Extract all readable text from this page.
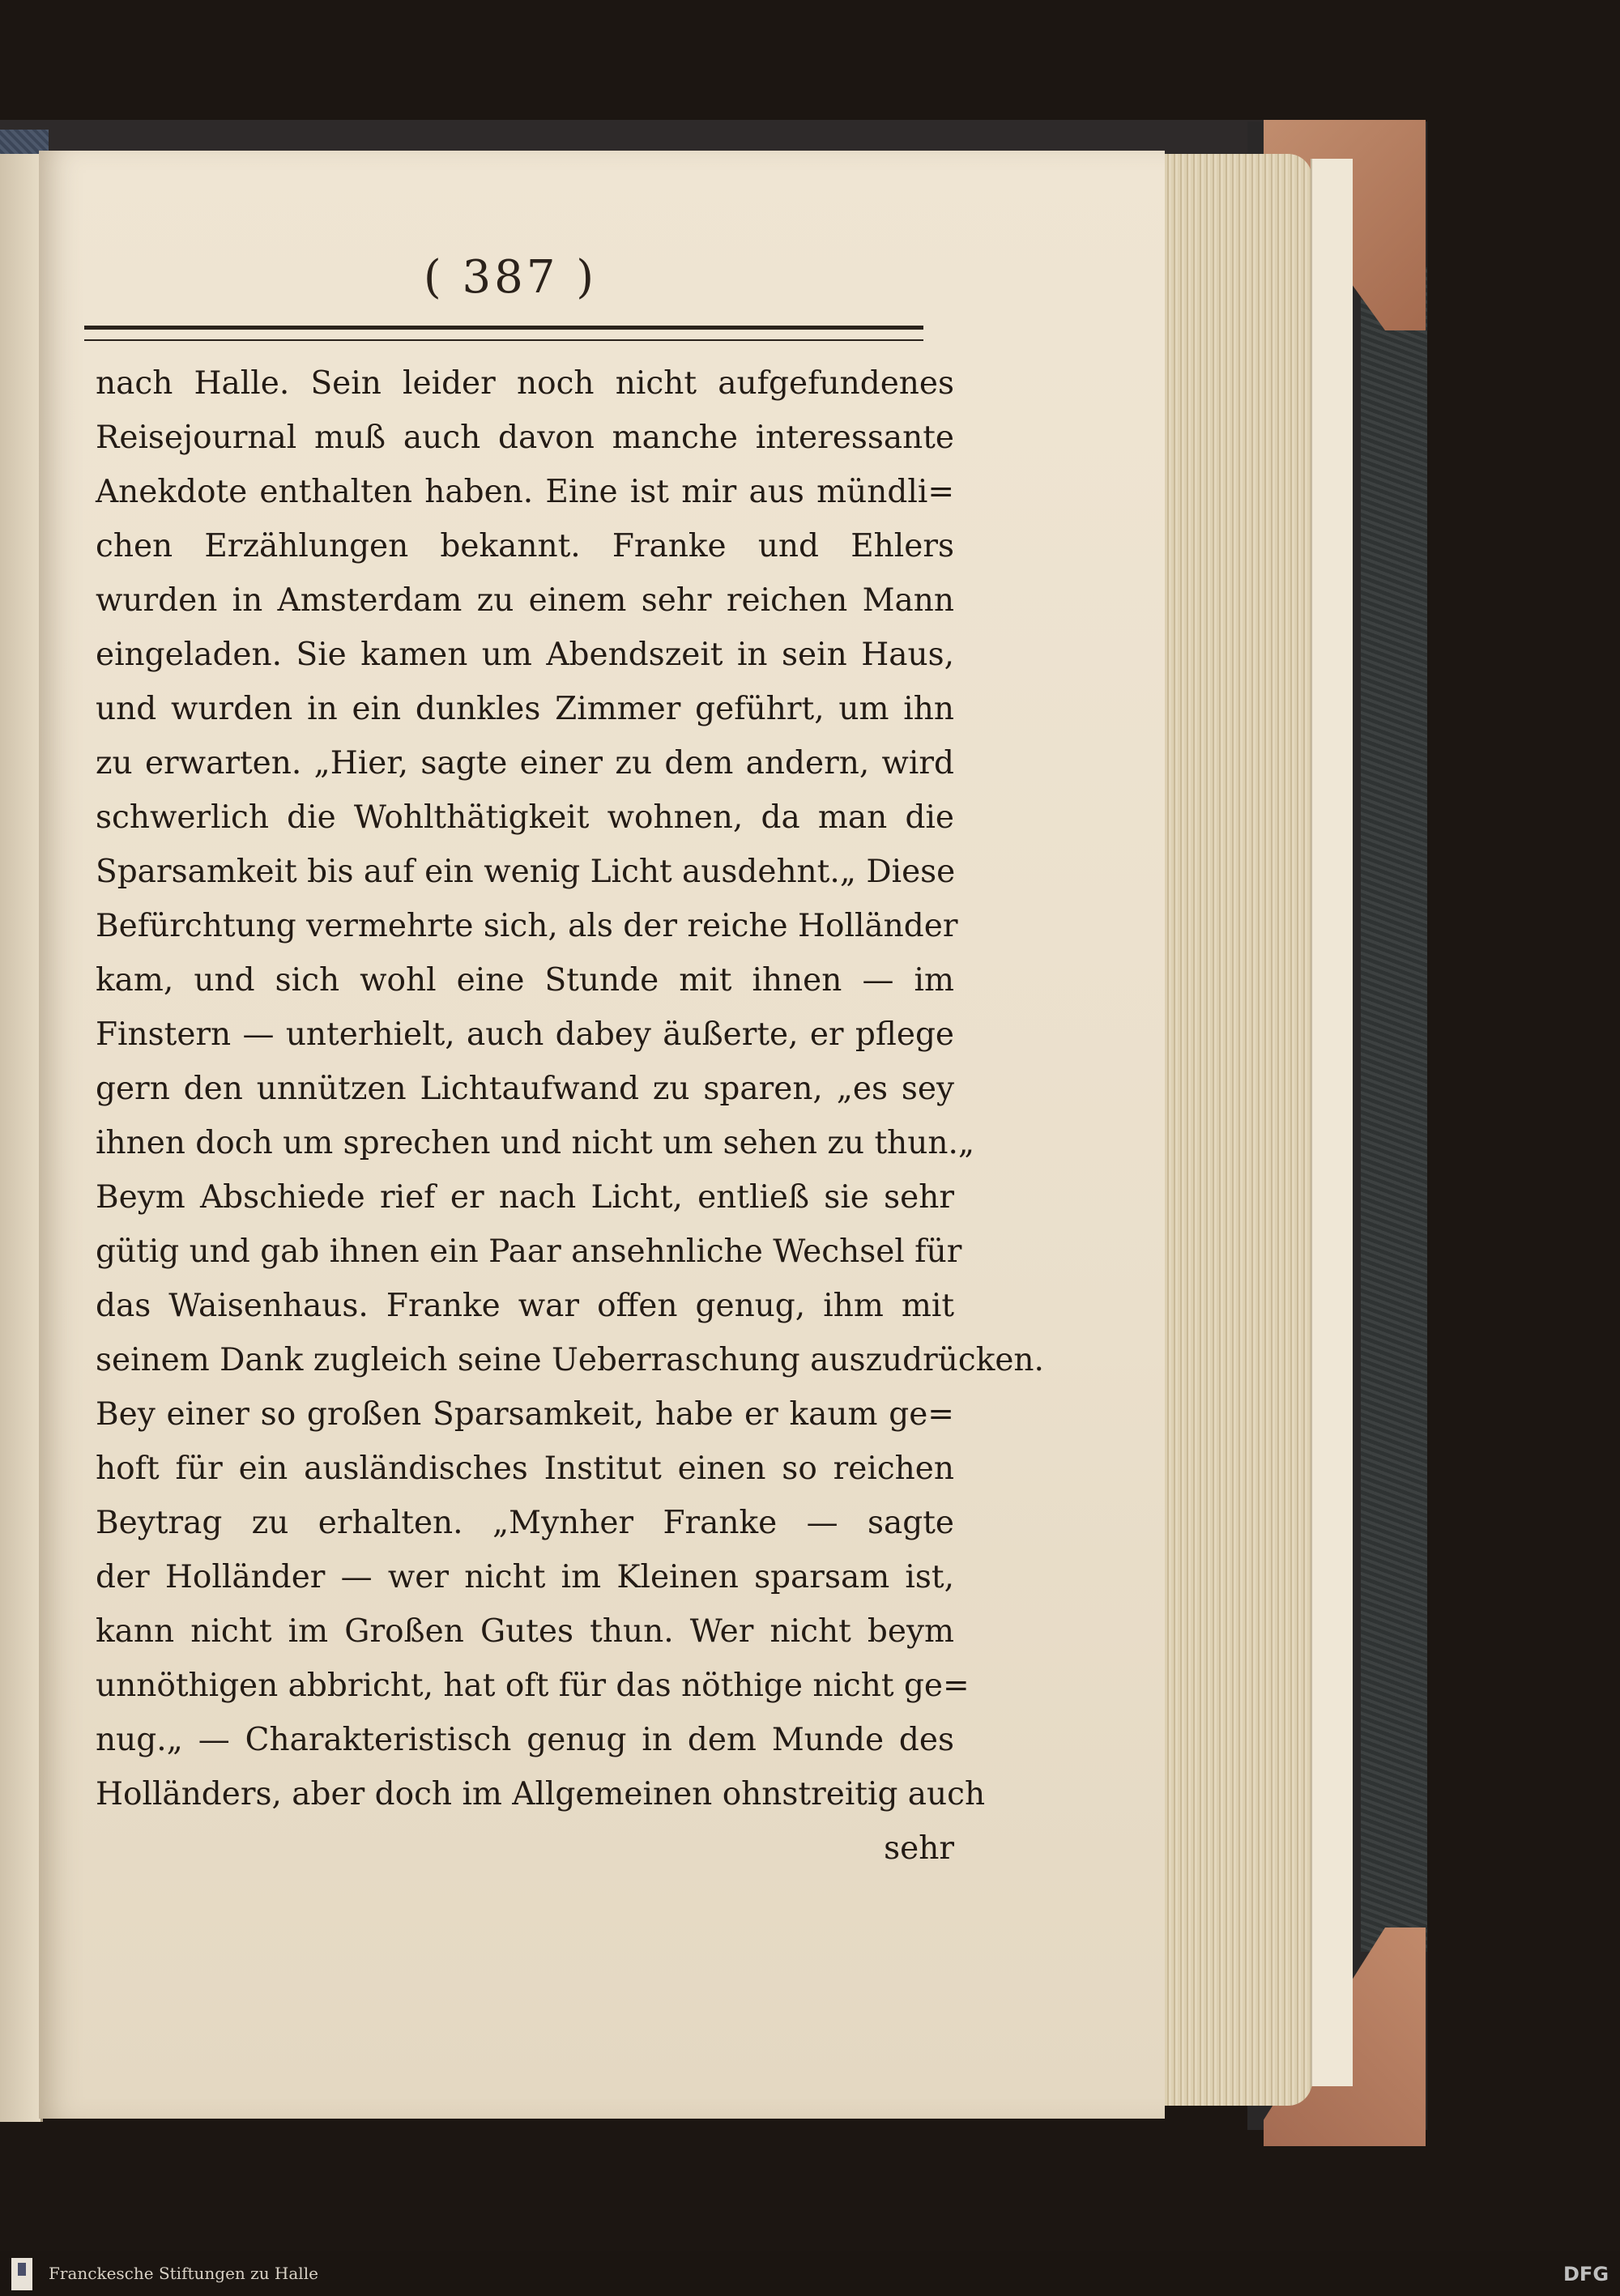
( 387 )
nach Halle. Sein leider noch nicht aufgefundenes
Reisejournal muß auch davon manche interessante
Anekdote enthalten haben. Eine ist mir aus mündli=
chen Erzählungen bekannt. Franke und Ehlers
wurden in Amsterdam zu einem sehr reichen Mann
eingeladen. Sie kamen um Abendszeit in sein Haus,
und wurden in ein dunkles Zimmer geführt, um ihn
zu erwarten. „Hier, sagte einer zu dem andern, wird
schwerlich die Wohlthätigkeit wohnen, da man die
Sparsamkeit bis auf ein wenig Licht ausdehnt.„ Diese
Befürchtung vermehrte sich, als der reiche Holländer
kam, und sich wohl eine Stunde mit ihnen — im
Finstern — unterhielt, auch dabey äußerte, er pflege
gern den unnützen Lichtaufwand zu sparen, „es sey
ihnen doch um sprechen und nicht um sehen zu thun.„
Beym Abschiede rief er nach Licht, entließ sie sehr
gütig und gab ihnen ein Paar ansehnliche Wechsel für
das Waisenhaus. Franke war offen genug, ihm mit
seinem Dank zugleich seine Ueberraschung auszudrücken.
Bey einer so großen Sparsamkeit, habe er kaum ge=
hoft für ein ausländisches Institut einen so reichen
Beytrag zu erhalten. „Mynher Franke — sagte
der Holländer — wer nicht im Kleinen sparsam ist,
kann nicht im Großen Gutes thun. Wer nicht beym
unnöthigen abbricht, hat oft für das nöthige nicht ge=
nug.„ — Charakteristisch genug in dem Munde des
Holländers, aber doch im Allgemeinen ohnstreitig auch
sehr
Franckesche Stiftungen zu Halle	DFG
